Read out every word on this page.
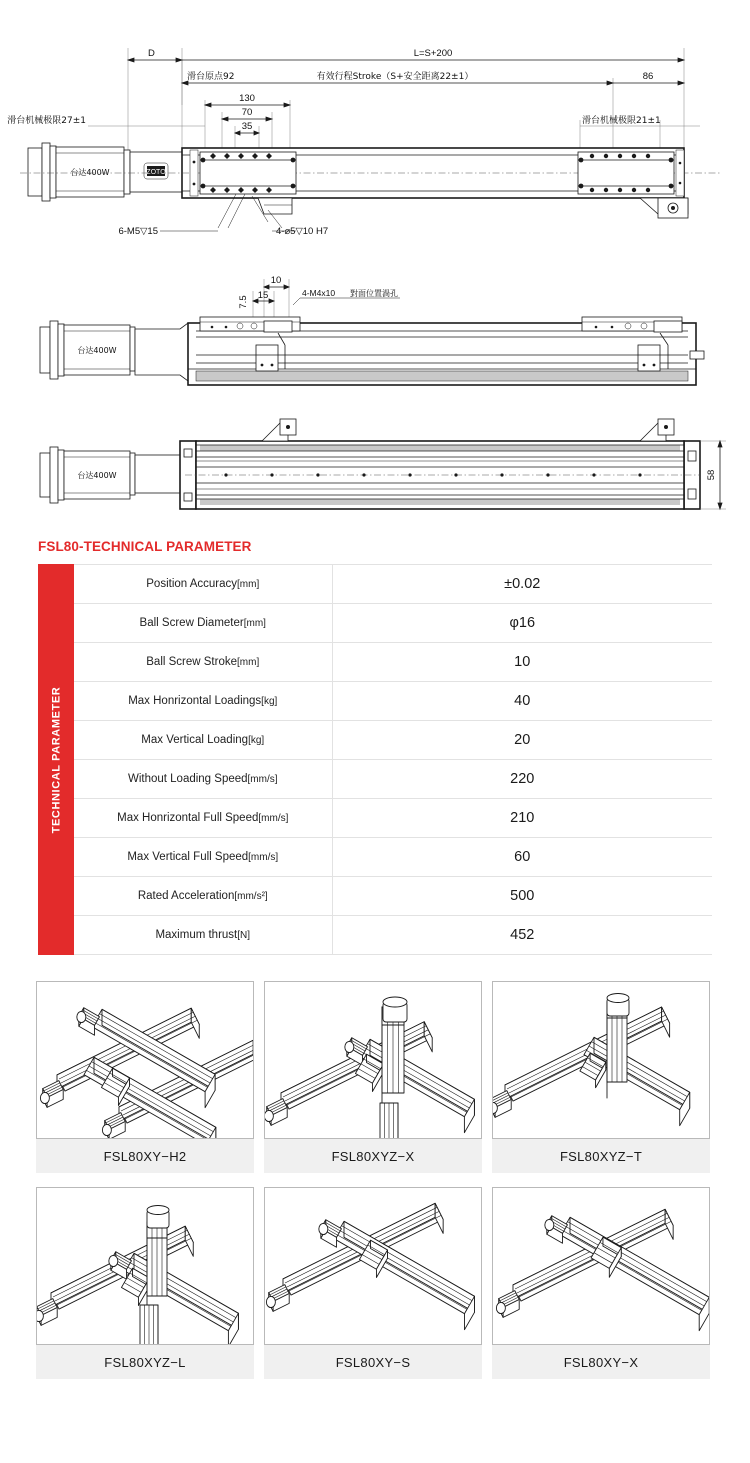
D	L=S+200
滑台原点92	有效行程Stroke（S+安全距离22±1）	86
130
70
35
滑台机械极限27±1	滑台机械极限21±1
台达400W	ZOTO
6-M5▽15	4-⌀5▽10 H7
10
15
7.5
4-M4x10 對面位置渦孔
台达400W
台达400W	58
FSL80-TECHNICAL PARAMETER
TECHNICAL PARAMETER
Position Accuracy[mm]	±0.02
Ball Screw Diameter[mm]	φ16
Ball Screw Stroke[mm]	10
Max Honrizontal Loadings[kg]	40
Max Vertical Loading[kg]	20
Without Loading Speed[mm/s]	220
Max Honrizontal Full Speed[mm/s]	210
Max Vertical Full Speed[mm/s]	60
Rated Acceleration[mm/s²]	500
Maximum thrust[N]	452
FSL80XY−H2	FSL80XYZ−X	FSL80XYZ−T
FSL80XYZ−L	FSL80XY−S	FSL80XY−X
